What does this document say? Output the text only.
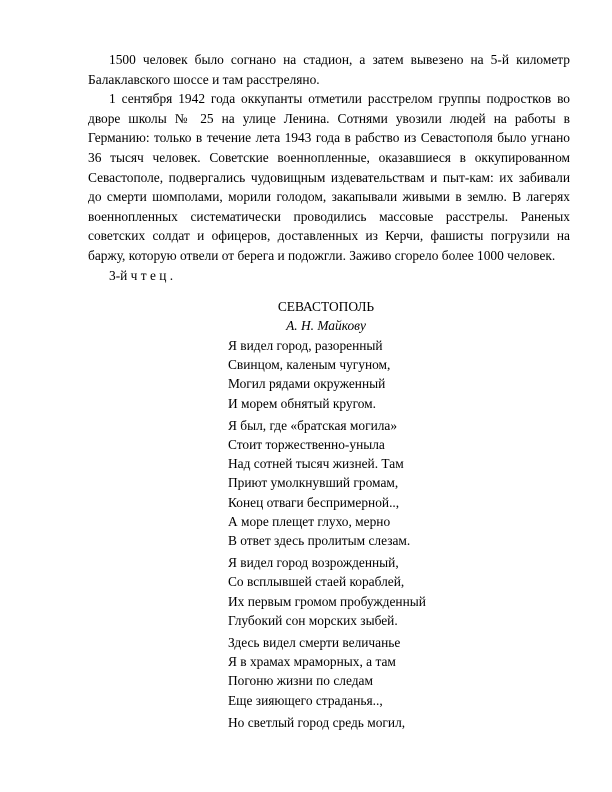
1500 человек было согнано на стадион, а затем вывезено на 5-й километр Балаклавского шоссе и там расстреляно.

1 сентября 1942 года оккупанты отметили расстрелом группы подростков во дворе школы № 25 на улице Ленина. Сотнями увозили людей на работы в Германию: только в течение лета 1943 года в рабство из Севастополя было угнано 36 тысяч человек. Советские военнопленные, оказавшиеся в оккупированном Севастополе, подвергались чудовищным издевательствам и пыт-кам: их забивали до смерти шомполами, морили голодом, закапывали живыми в землю. В лагерях военнопленных систематически проводились массовые расстрелы. Раненых советских солдат и офицеров, доставленных из Керчи, фашисты погрузили на баржу, которую отвели от берега и подожгли. Заживо сгорело более 1000 человек.

3-й ч т е ц .

СЕВАСТОПОЛЬ
А. Н. Майкову
Я видел город, разоренный
Свинцом, каленым чугуном,
Могил рядами окруженный
И морем обнятый кругом.
Я был, где «братская могила»
Стоит торжественно-уныла
Над сотней тысяч жизней. Там
Приют умолкнувший громам,
Конец отваги беспримерной..,
А море плещет глухо, мерно
В ответ здесь пролитым слезам.
Я видел город возрожденный,
Со всплывшей стаей кораблей,
Их первым громом пробужденный
Глубокий сон морских зыбей.
Здесь видел смерти величанье
Я в храмах мраморных, а там
Погоню жизни по следам
Еще зияющего страданья..,
Но светлый город средь могил,
